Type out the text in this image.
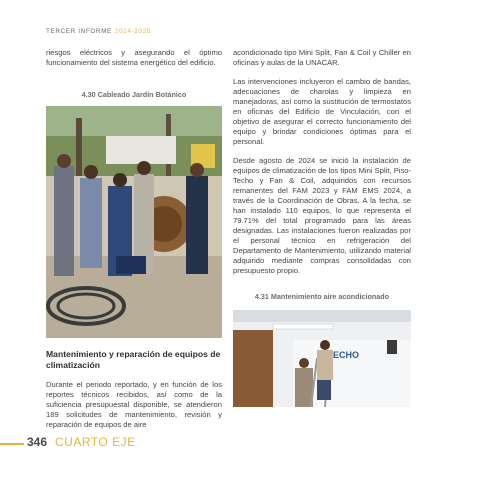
TERCER INFORME 2024-2025

riesgos eléctricos y asegurando el óptimo funcionamiento del sistema energético del edificio.

4.30 Cableado Jardín Botánico
Mantenimiento y reparación de equipos de climatización

Durante el periodo reportado, y en función de los reportes técnicos recibidos, así como de la suficiencia presupuestal disponible, se atendieron 189 solicitudes de mantenimiento, revisión y reparación de equipos de aire

acondicionado tipo Mini Split, Fan & Coil y Chiller en oficinas y aulas de la UNACAR.

Las intervenciones incluyeron el cambio de bandas, adecuaciones de charolas y limpieza en manejadoras, así como la sustitución de termostatos en oficinas del Edificio de Vinculación, con el objetivo de asegurar el correcto funcionamiento del equipo y brindar condiciones óptimas para el personal.

Desde agosto de 2024 se inició la instalación de equipos de climatización de los tipos Mini Split, Piso-Techo y Fan & Coil, adquiridos con recursos remanentes del FAM 2023 y FAM EMS 2024, a través de la Coordinación de Obras. A la fecha, se han instalado 110 equipos, lo que representa el 79.71% del total programado para las áreas designadas. Las instalaciones fueron realizadas por el personal técnico en refrigeración del Departamento de Mantenimiento, utilizando material adquirido mediante compras consolidadas con presupuesto propio.

4.31 Mantenimiento aire acondicionado
ECHO
346 CUARTO EJE
